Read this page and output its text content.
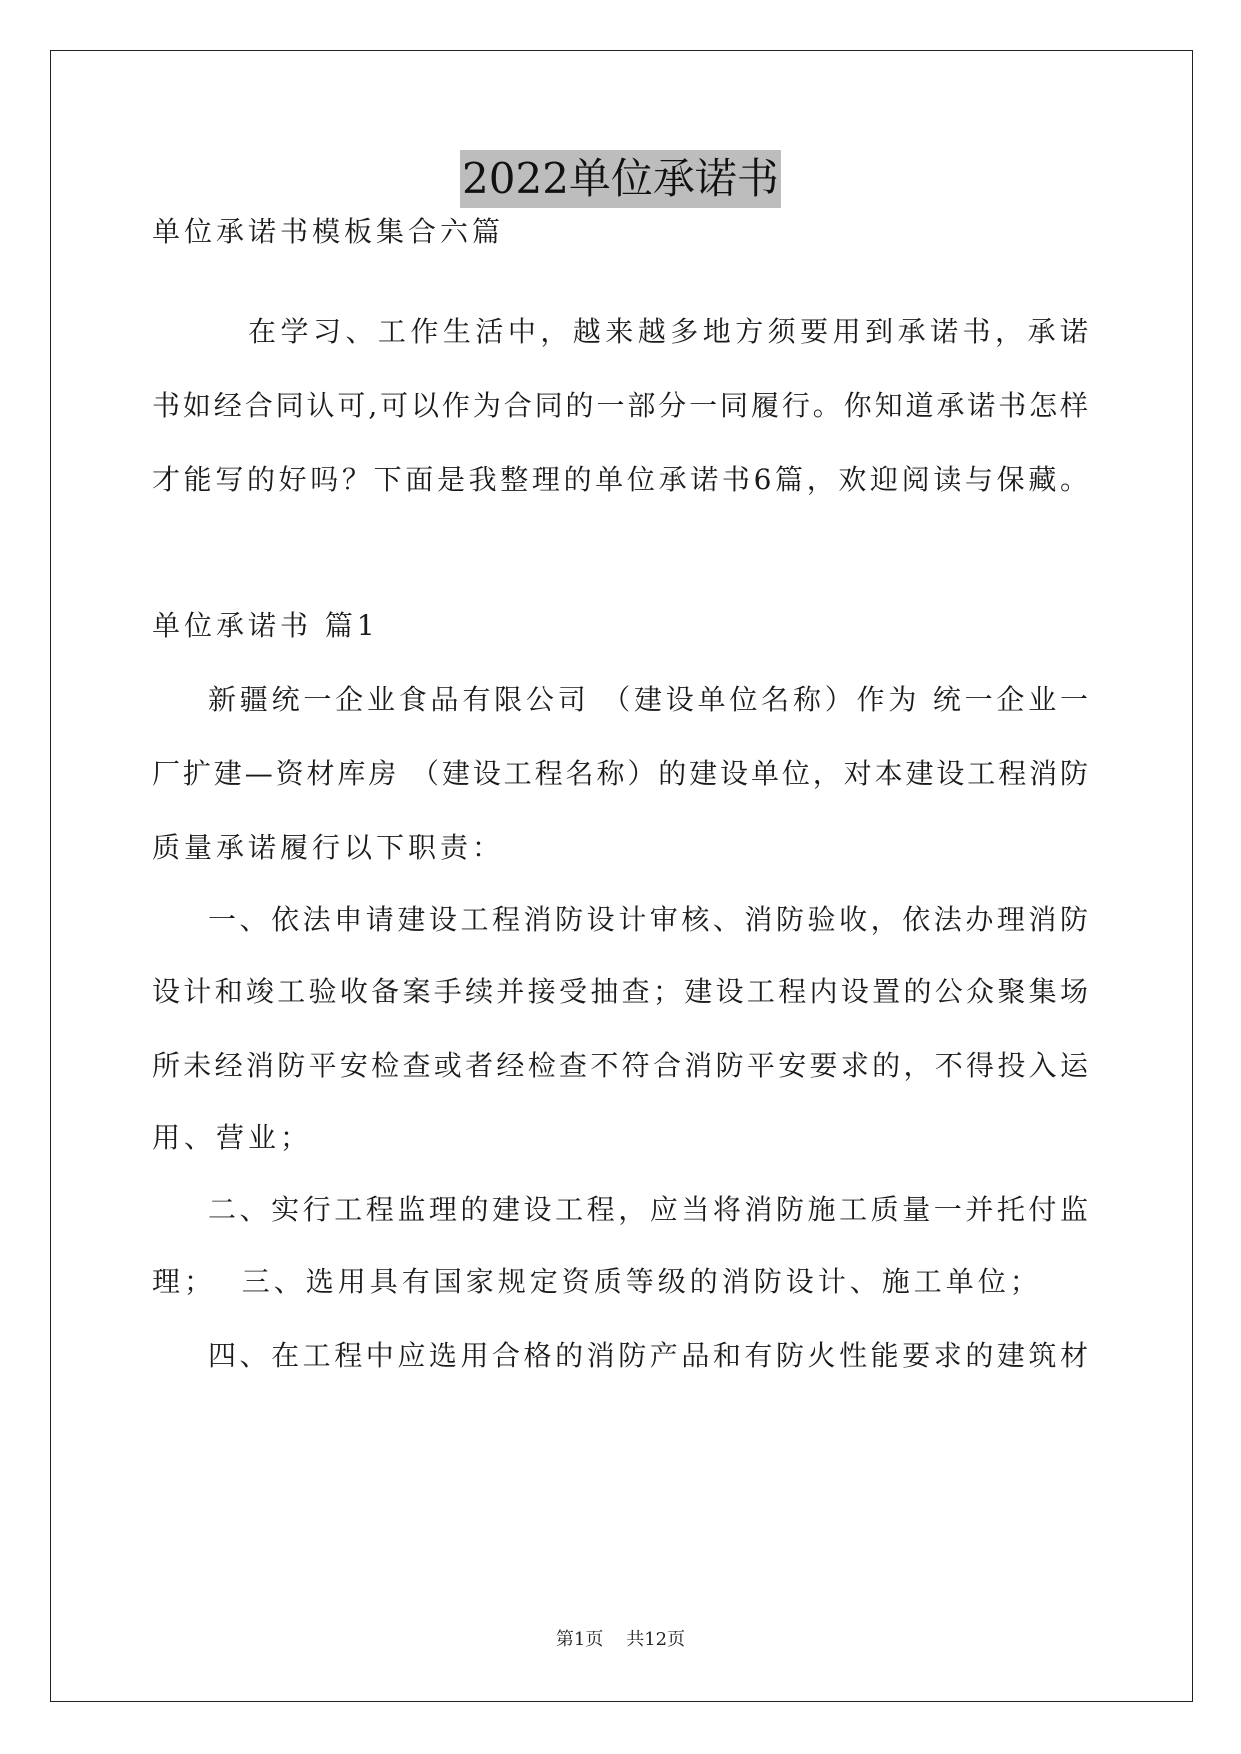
2022单位承诺书
单位承诺书模板集合六篇
在学习、工作生活中，越来越多地方须要用到承诺书，承诺
书如经合同认可,可以作为合同的一部分一同履行。你知道承诺书怎样
才能写的好吗？下面是我整理的单位承诺书6篇，欢迎阅读与保藏。
单位承诺书 篇1
新疆统一企业食品有限公司 （建设单位名称）作为 统一企业一
厂扩建—资材库房 （建设工程名称）的建设单位，对本建设工程消防
质量承诺履行以下职责：
一、依法申请建设工程消防设计审核、消防验收，依法办理消防
设计和竣工验收备案手续并接受抽查；建设工程内设置的公众聚集场
所未经消防平安检查或者经检查不符合消防平安要求的，不得投入运
用、营业；
二、实行工程监理的建设工程，应当将消防施工质量一并托付监
理；  三、选用具有国家规定资质等级的消防设计、施工单位；
四、在工程中应选用合格的消防产品和有防火性能要求的建筑材
第1页    共12页
